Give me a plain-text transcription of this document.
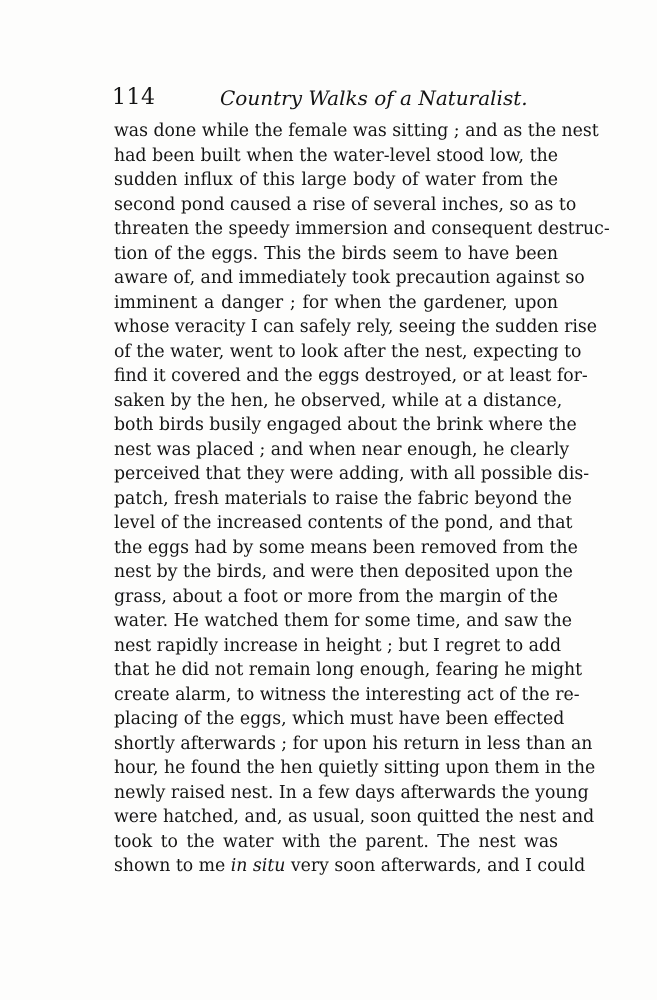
114	Country Walks of a Naturalist.
was done while the female was sitting ; and as the nest
had been built when the water-level stood low, the
sudden influx of this large body of water from the
second pond caused a rise of several inches, so as to
threaten the speedy immersion and consequent destruc-
tion of the eggs. This the birds seem to have been
aware of, and immediately took precaution against so
imminent a danger ; for when the gardener, upon
whose veracity I can safely rely, seeing the sudden rise
of the water, went to look after the nest, expecting to
find it covered and the eggs destroyed, or at least for-
saken by the hen, he observed, while at a distance,
both birds busily engaged about the brink where the
nest was placed ; and when near enough, he clearly
perceived that they were adding, with all possible dis-
patch, fresh materials to raise the fabric beyond the
level of the increased contents of the pond, and that
the eggs had by some means been removed from the
nest by the birds, and were then deposited upon the
grass, about a foot or more from the margin of the
water. He watched them for some time, and saw the
nest rapidly increase in height ; but I regret to add
that he did not remain long enough, fearing he might
create alarm, to witness the interesting act of the re-
placing of the eggs, which must have been effected
shortly afterwards ; for upon his return in less than an
hour, he found the hen quietly sitting upon them in the
newly raised nest. In a few days afterwards the young
were hatched, and, as usual, soon quitted the nest and
took to the water with the parent. The nest was
shown to me in situ very soon afterwards, and I could
